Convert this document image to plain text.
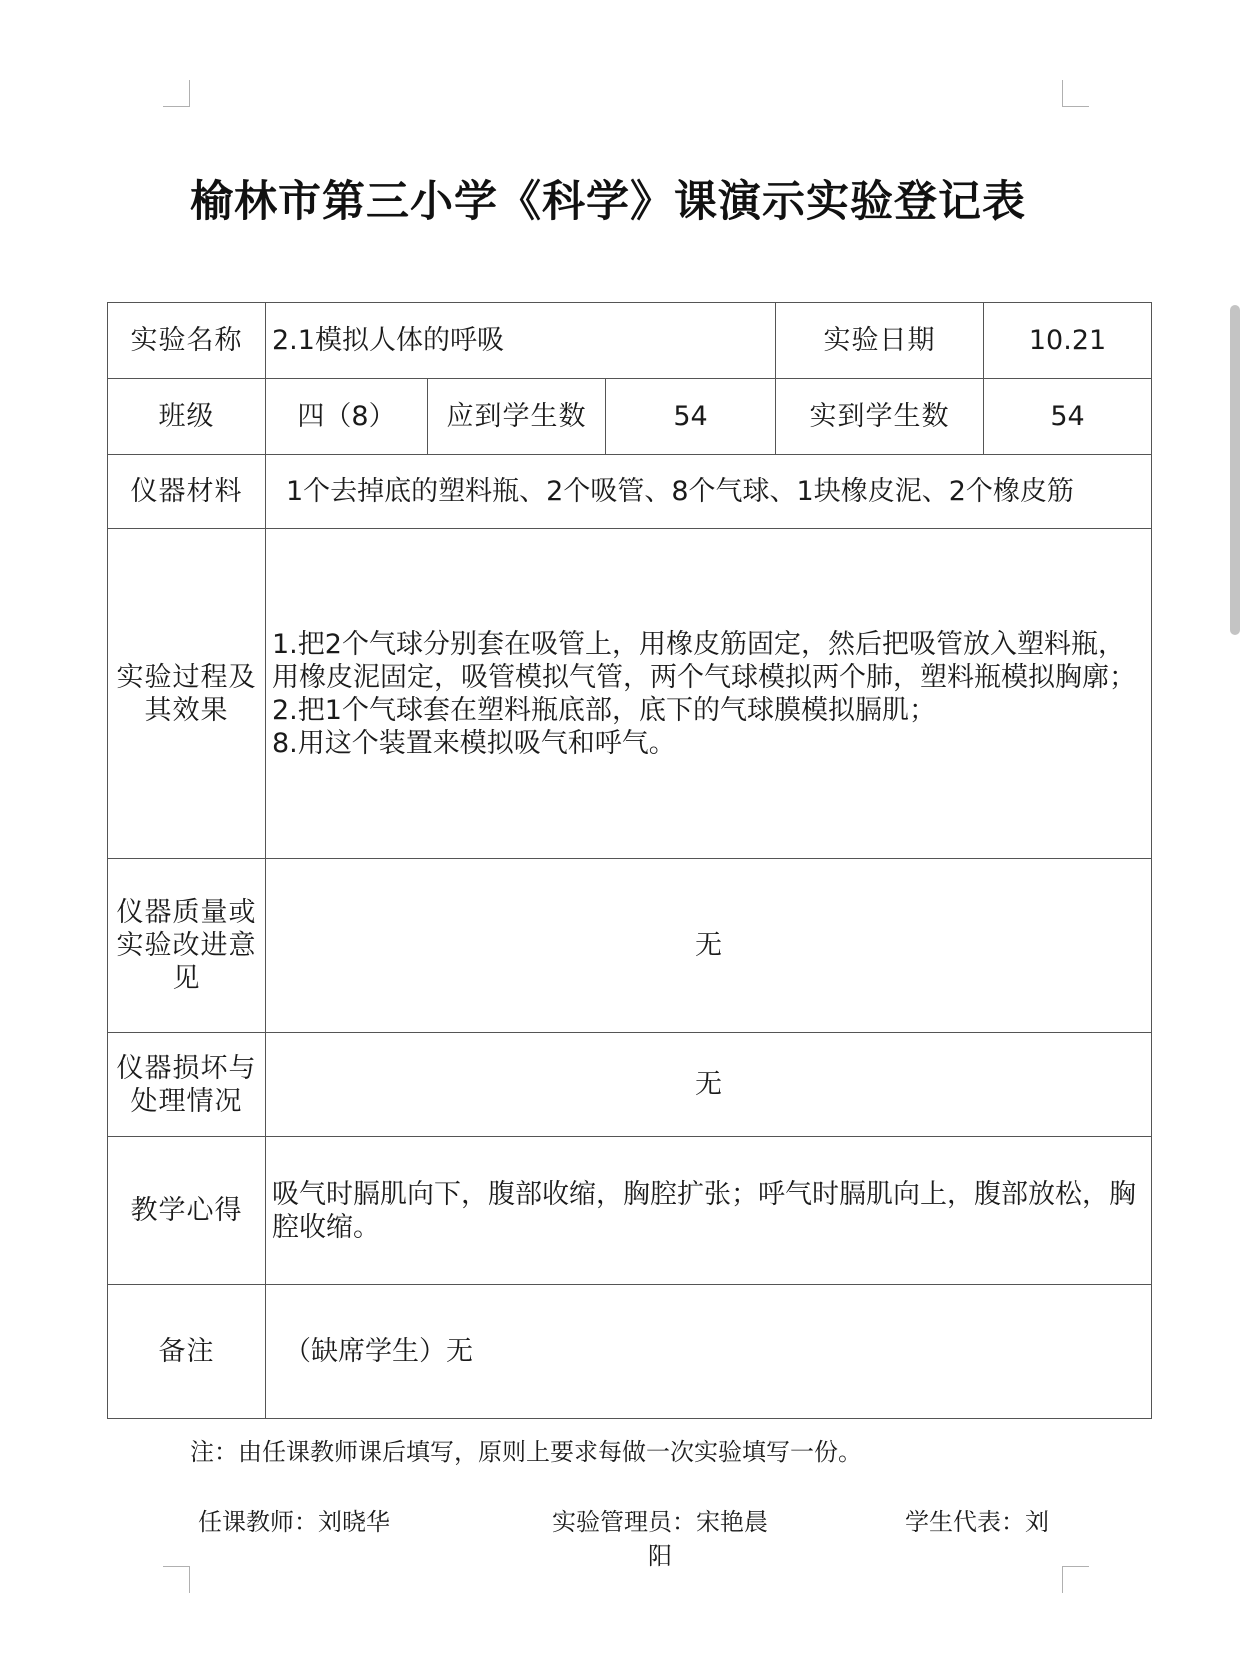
榆林市第三小学《科学》课演示实验登记表
实验名称	2.1模拟人体的呼吸			实验日期	10.21
班级	四（8）	应到学生数	54	实到学生数	54
仪器材料	1个去掉底的塑料瓶、2个吸管、8个气球、1块橡皮泥、2个橡皮筋				
实验过程及其效果	1.把2个气球分别套在吸管上，用橡皮筋固定，然后把吸管放入塑料瓶，用橡皮泥固定，吸管模拟气管，两个气球模拟两个肺，塑料瓶模拟胸廓；
2.把1个气球套在塑料瓶底部，底下的气球膜模拟膈肌；
8.用这个装置来模拟吸气和呼气。				

仪器质量或实验改进意见	无				
仪器损坏与处理情况	无				
教学心得	吸气时膈肌向下，腹部收缩，胸腔扩张；呼气时膈肌向上，腹部放松，胸腔收缩。				
备注	（缺席学生）无				
注：由任课教师课后填写，原则上要求每做一次实验填写一份。
任课教师：刘晓华	实验管理员：宋艳晨阳
学生代表：刘
